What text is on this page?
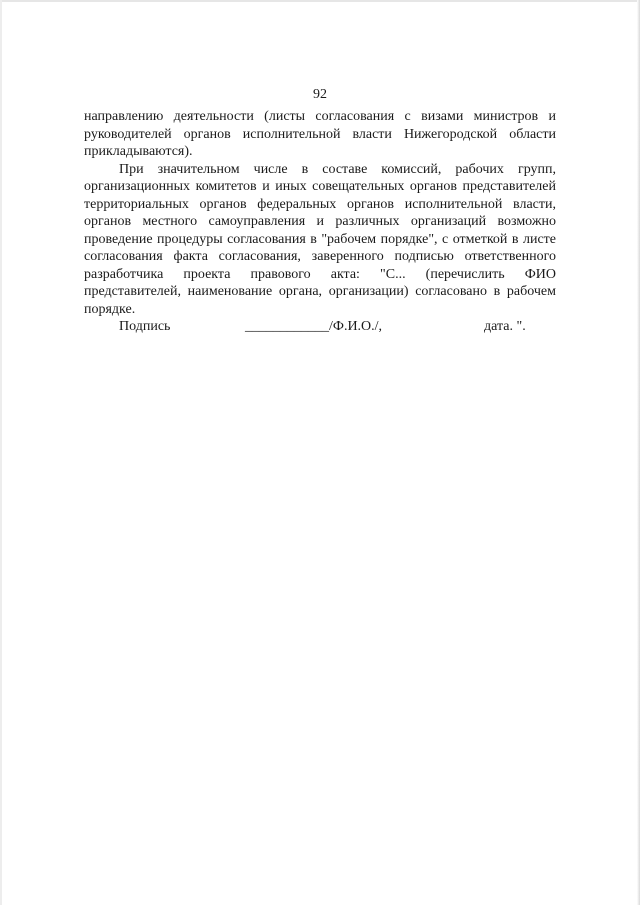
92

направлению деятельности (листы согласования с визами министров и руководителей органов исполнительной власти Нижегородской области прикладываются).

При значительном числе в составе комиссий, рабочих групп, организационных комитетов и иных совещательных органов представителей территориальных органов федеральных органов исполнительной власти, органов местного самоуправления и различных организаций возможно проведение процедуры согласования в "рабочем порядке", с отметкой в листе согласования факта согласования, заверенного подписью ответственного разработчика проекта правового акта: "С... (перечислить ФИО представителей, наименование органа, организации) согласовано в рабочем порядке.

Подпись	____________/Ф.И.О./,	дата. ".
